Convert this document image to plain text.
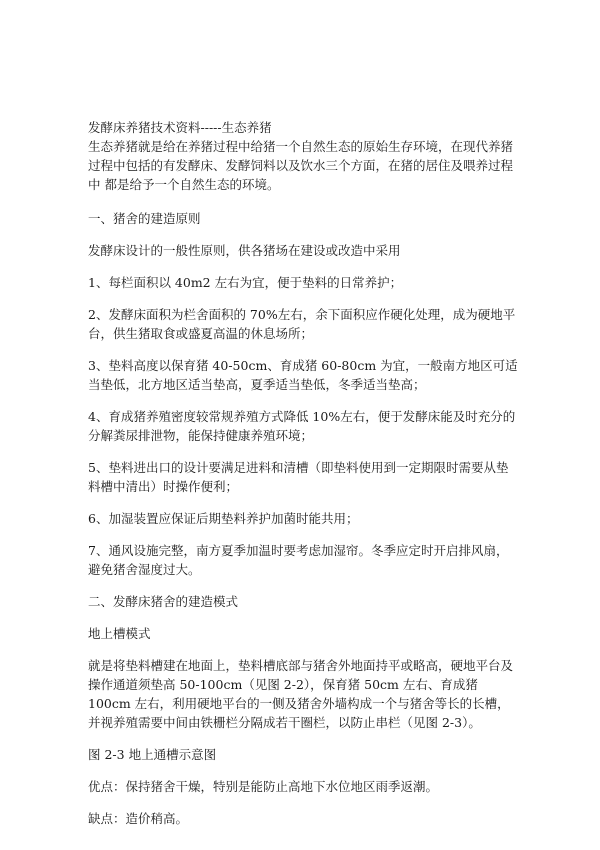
发酵床养猪技术资料-----生态养猪

生态养猪就是给在养猪过程中给猪一个自然生态的原始生存环境，在现代养猪过程中包括的有发酵床、发酵饲料以及饮水三个方面，在猪的居住及喂养过程中 都是给予一个自然生态的环境。

一、猪舍的建造原则

发酵床设计的一般性原则，供各猪场在建设或改造中采用

1、每栏面积以 40m2 左右为宜，便于垫料的日常养护；

2、发酵床面积为栏舍面积的 70%左右，余下面积应作硬化处理，成为硬地平台，供生猪取食或盛夏高温的休息场所；

3、垫料高度以保育猪 40-50cm、育成猪 60-80cm 为宜，一般南方地区可适当垫低，北方地区适当垫高，夏季适当垫低，冬季适当垫高；

4、育成猪养殖密度较常规养殖方式降低 10%左右，便于发酵床能及时充分的分解粪尿排泄物，能保持健康养殖环境；

5、垫料进出口的设计要满足进料和清槽（即垫料使用到一定期限时需要从垫料槽中清出）时操作便利；

6、加湿装置应保证后期垫料养护加菌时能共用；

7、通风设施完整，南方夏季加温时要考虑加湿帘。冬季应定时开启排风扇，避免猪舍湿度过大。

二、发酵床猪舍的建造模式

地上槽模式

就是将垫料槽建在地面上，垫料槽底部与猪舍外地面持平或略高，硬地平台及操作通道须垫高 50-100cm（见图 2-2），保育猪 50cm 左右、育成猪 100cm 左右，利用硬地平台的一侧及猪舍外墙构成一个与猪舍等长的长槽，并视养殖需要中间由铁栅栏分隔成若干圈栏，以防止串栏（见图 2-3）。

图 2-3 地上通槽示意图

优点：保持猪舍干燥，特别是能防止高地下水位地区雨季返潮。

缺点：造价稍高。
